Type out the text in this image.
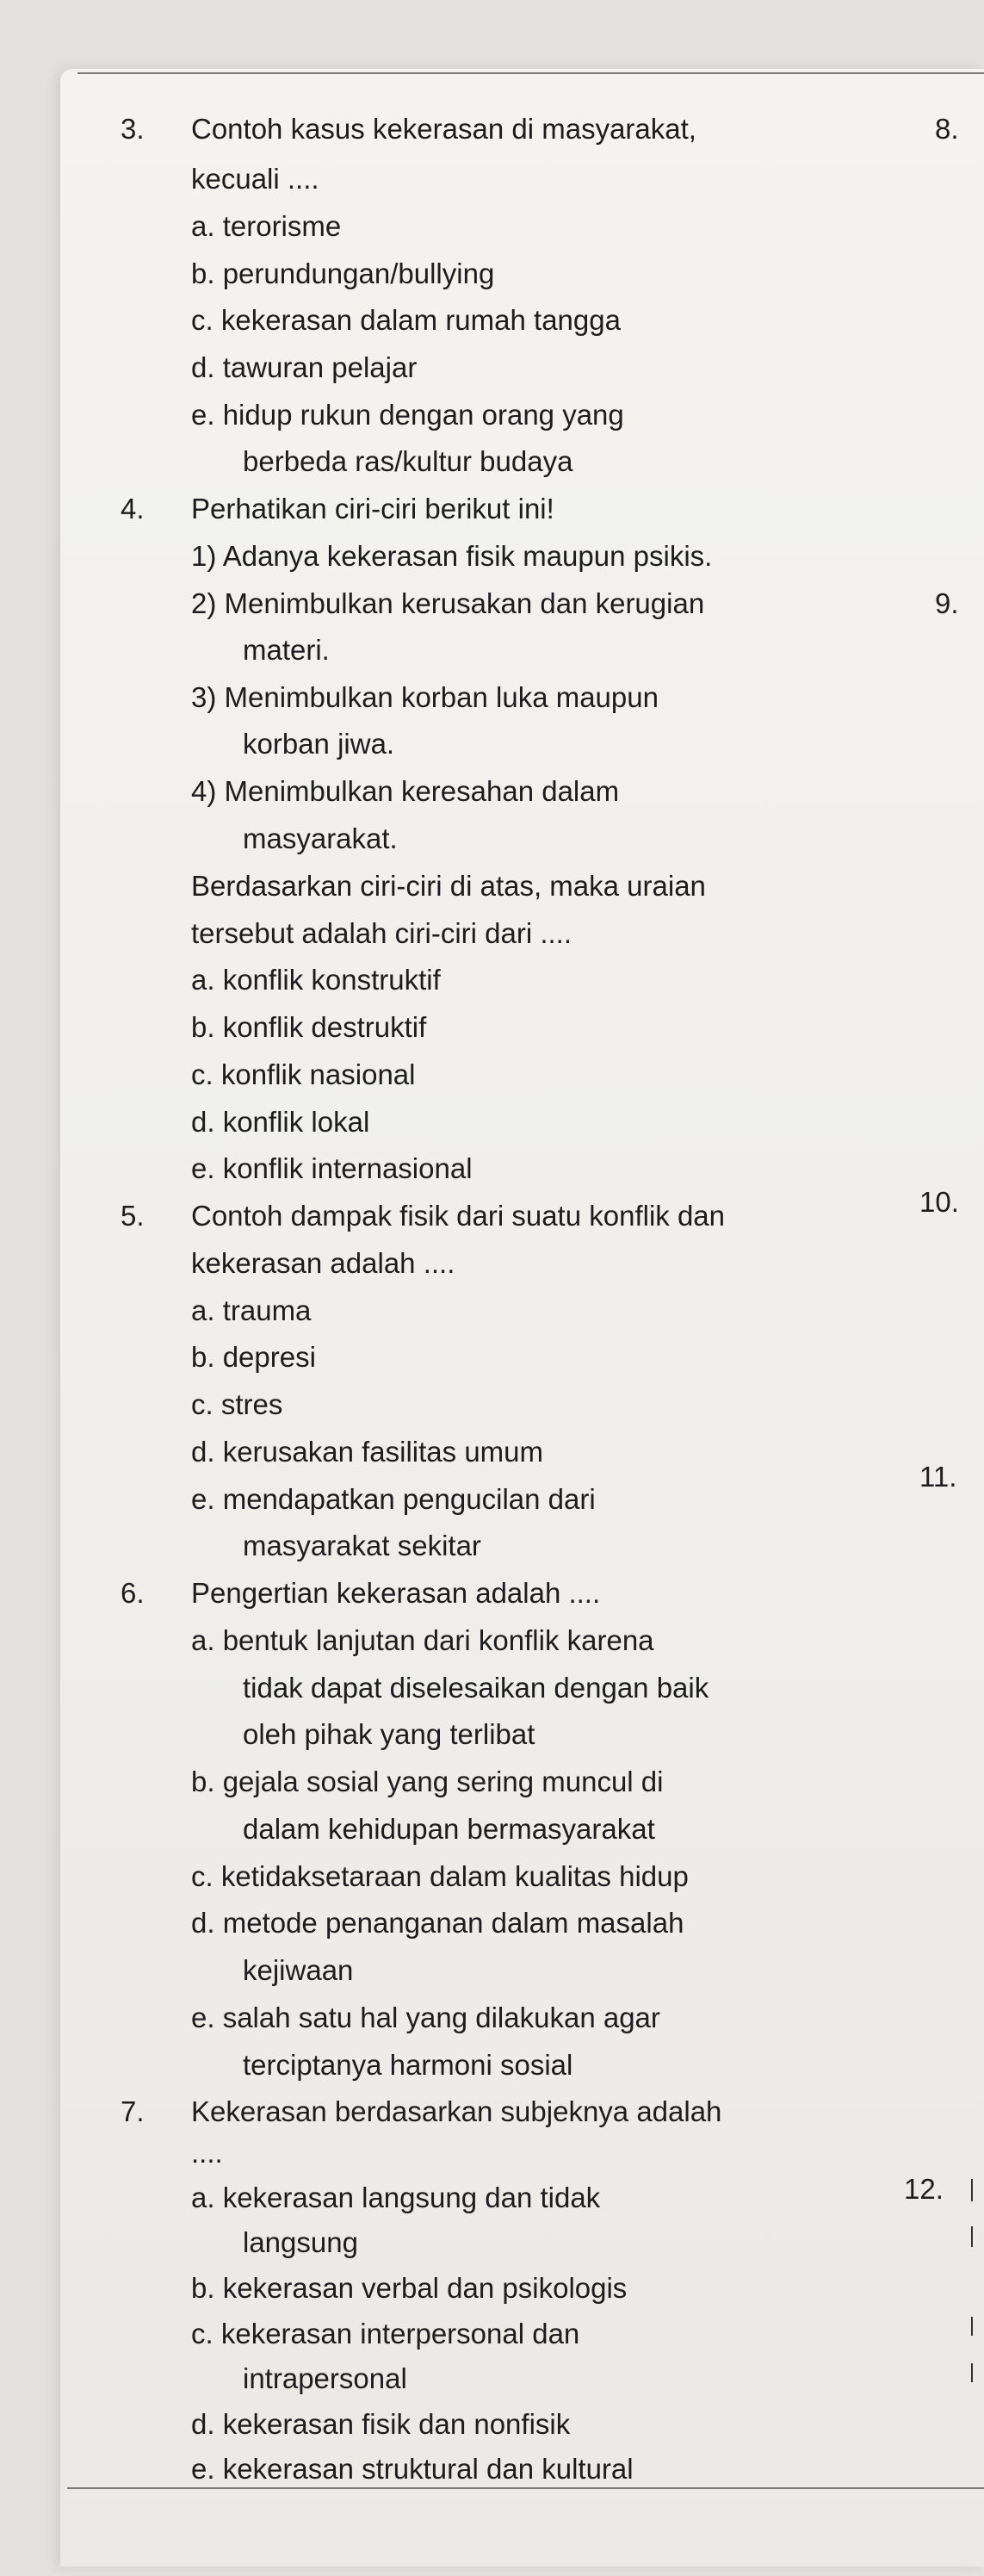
3. Contoh kasus kekerasan di masyarakat,
kecuali ....
a. terorisme
b. perundungan/bullying
c. kekerasan dalam rumah tangga
d. tawuran pelajar
e. hidup rukun dengan orang yang
berbeda ras/kultur budaya
4. Perhatikan ciri-ciri berikut ini!
1) Adanya kekerasan fisik maupun psikis.
2) Menimbulkan kerusakan dan kerugian
materi.
3) Menimbulkan korban luka maupun
korban jiwa.
4) Menimbulkan keresahan dalam
masyarakat.
Berdasarkan ciri-ciri di atas, maka uraian
tersebut adalah ciri-ciri dari ....
a. konflik konstruktif
b. konflik destruktif
c. konflik nasional
d. konflik lokal
e. konflik internasional
5. Contoh dampak fisik dari suatu konflik dan
kekerasan adalah ....
a. trauma
b. depresi
c. stres
d. kerusakan fasilitas umum
e. mendapatkan pengucilan dari
masyarakat sekitar
6. Pengertian kekerasan adalah ....
a. bentuk lanjutan dari konflik karena
tidak dapat diselesaikan dengan baik
oleh pihak yang terlibat
b. gejala sosial yang sering muncul di
dalam kehidupan bermasyarakat
c. ketidaksetaraan dalam kualitas hidup
d. metode penanganan dalam masalah
kejiwaan
e. salah satu hal yang dilakukan agar
terciptanya harmoni sosial
7. Kekerasan berdasarkan subjeknya adalah
....
a. kekerasan langsung dan tidak
langsung
b. kekerasan verbal dan psikologis
c. kekerasan interpersonal dan
intrapersonal
d. kekerasan fisik dan nonfisik
e. kekerasan struktural dan kultural
8.
9.
10.
11.
12.
